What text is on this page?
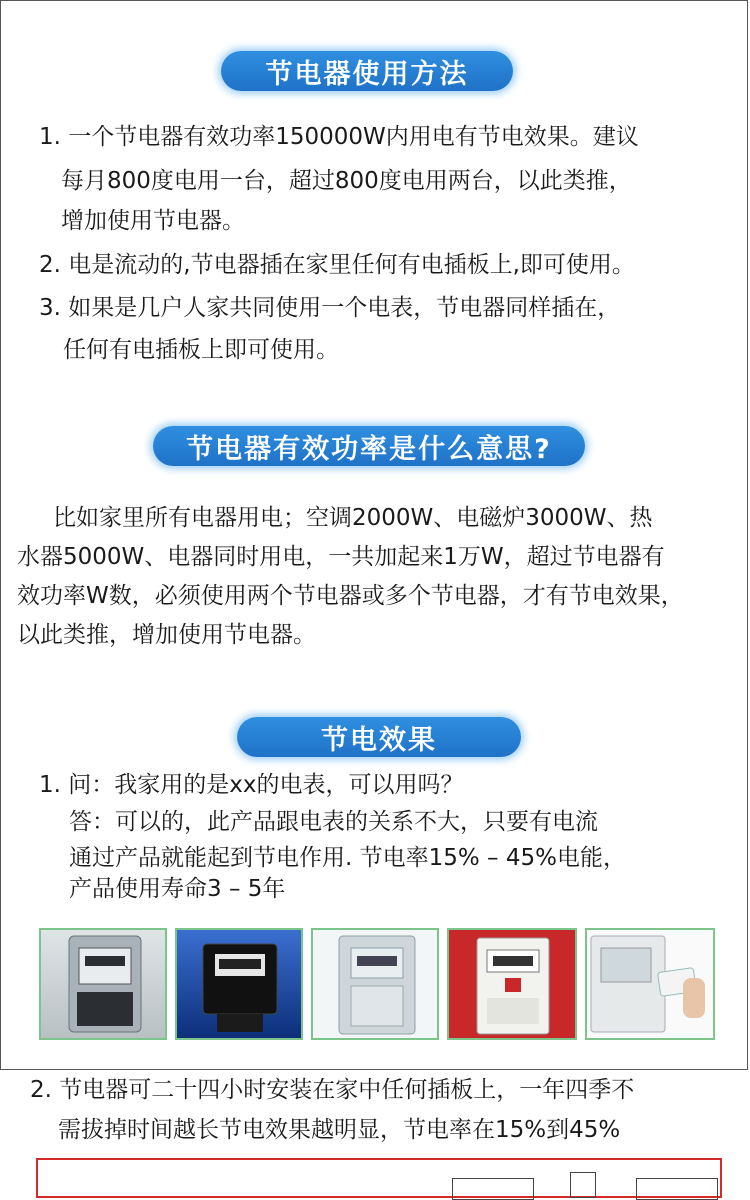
节电器使用方法
1. 一个节电器有效功率150000W内用电有节电效果。建议
每月800度电用一台，超过800度电用两台，以此类推，
增加使用节电器。
2. 电是流动的,节电器插在家里任何有电插板上,即可使用。
3. 如果是几户人家共同使用一个电表，节电器同样插在，
任何有电插板上即可使用。
节电器有效功率是什么意思?
比如家里所有电器用电；空调2000W、电磁炉3000W、热
水器5000W、电器同时用电，一共加起来1万W，超过节电器有
效功率W数，必须使用两个节电器或多个节电器，才有节电效果，
以此类推，增加使用节电器。
节电效果
1. 问：我家用的是xx的电表，可以用吗？
答：可以的，此产品跟电表的关系不大，只要有电流
通过产品就能起到节电作用. 节电率15% – 45%电能，
产品使用寿命3 – 5年
2. 节电器可二十四小时安装在家中任何插板上，一年四季不
需拔掉时间越长节电效果越明显，节电率在15%到45%
